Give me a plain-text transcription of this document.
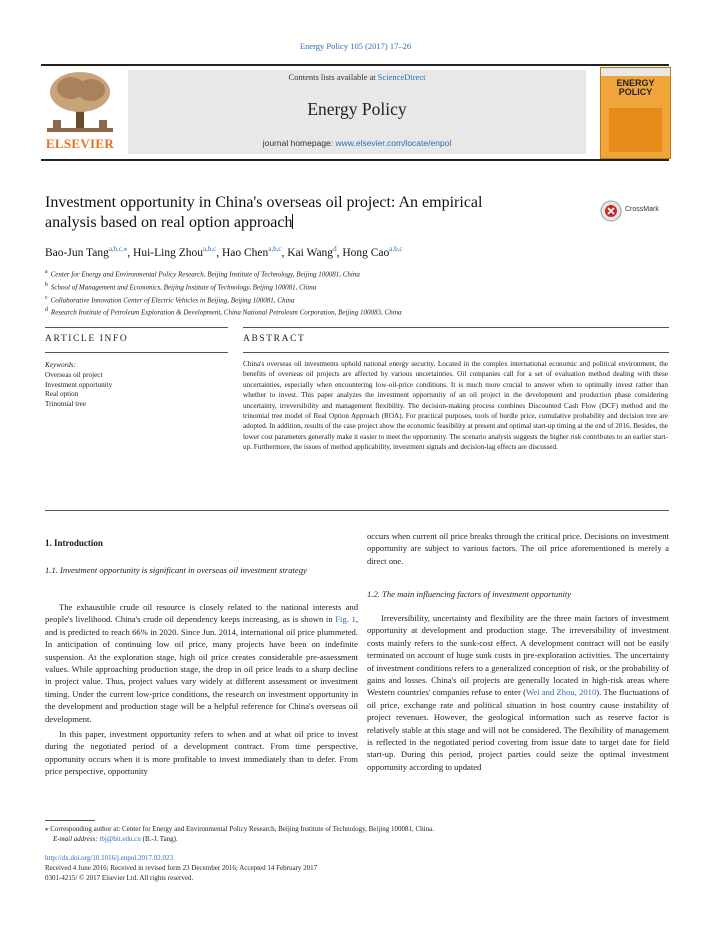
Energy Policy 105 (2017) 17–26
ELSEVIER
Contents lists available at ScienceDirect
Energy Policy
journal homepage: www.elsevier.com/locate/enpol
ENERGY
POLICY
Investment opportunity in China's overseas oil project: An empirical
analysis based on real option approach
CrossMark
Bao-Jun Tang$^{a,b,c,⁎}$, Hui-Ling Zhou$^{a,b,c}$, Hao Chen$^{a,b,c}$, Kai Wang$^d$, Hong Cao$^{a,b,c}$
$^a$ Center for Energy and Environmental Policy Research, Beijing Institute of Technology, Beijing 100081, China
$^b$ School of Management and Economics, Beijing Institute of Technology, Beijing 100081, China
$^c$ Collaborative Innovation Center of Electric Vehicles in Beijing, Beijing 100081, China
$^d$ Research Institute of Petroleum Exploration & Development, China National Petroleum Corporation, Beijing 100083, China
ARTICLE INFO	ABSTRACT
Keywords:
Overseas oil project
Investment opportunity
Real option
Trinomial tree
China's overseas oil investments uphold national energy security. Located in the complex international economic and political environment, the benefits of overseas oil projects are affected by various uncertainties. Oil companies call for a set of evaluation method dealing with these uncertainties, especially when encountering low-oil-price conditions. It is much more crucial to answer when to optimally invest rather than whether to invest. This paper analyzes the investment opportunity of an oil project in the development and production phase considering uncertainty, irreversibility and management flexibility. The decision-making process combines Discounted Cash Flow (DCF) method and the trinomial tree model of Real Option Approach (ROA). For practical purposes, tools of hurdle price, cumulative probability and decision tree are adopted. In addition, results of the case project show the economic feasibility at present and optimal start-up timing at the end of 2016. Besides, the lower cost parameters generally make it easier to meet the opportunity. The scenario analysis suggests the higher risk contributes to an earlier start-up. Furthermore, the issues of method applicability, investment signals and decision-lag effects are discussed.
1. Introduction
1.1. Investment opportunity is significant in overseas oil investment strategy

The exhaustible crude oil resource is closely related to the national interests and people's livelihood. China's crude oil dependency keeps increasing, as is shown in Fig. 1, and is predicted to reach 66% in 2020. Since Jun. 2014, international oil price plummeted. In anticipation of continuing low oil price, many projects have been on indefinite suspension. At the exploration stage, high oil price creates considerable pre-assessment values. While approaching production stage, the drop in oil price leads to a sharp decline in project value. Thus, project values vary widely at different assessment or investment timing. Under the current low-price conditions, the research on investment opportunity in the development and production stage will be a helpful reference for China's overseas oil development.

In this paper, investment opportunity refers to when and at what oil price to invest during the negotiated period of a development contract. From time perspective, opportunity occurs when it is more profitable to invest immediately than to defer. From price perspective, opportunity

occurs when current oil price breaks through the critical price. Decisions on investment opportunity are subject to various factors. The oil price aforementioned is merely a direct one.
1.2. The main influencing factors of investment opportunity

Irreversibility, uncertainty and flexibility are the three main factors of investment opportunity at development and production stage. The irreversibility of investment costs mainly refers to the sunk-cost effect. A development contract will not be easily terminated on account of huge sunk costs in pre-exploration activities. The uncertainty of investment conditions refers to a generalized conception of risk, or the probability of gains and losses. China's oil projects are generally located in high-risk areas where Western countries' companies refuse to enter (Wei and Zhou, 2010). The fluctuations of oil price, exchange rate and political situation in host country cause instability of project revenues. However, the geological information such as reserve factor is relatively stable at this stage and will not be considered. The flexibility of management is reflected in the negotiated period covering from issue date to target date for field start-up. During this period, project parties could seize the optimal investment opportunity according to updated

⁎ Corresponding author at: Center for Energy and Environmental Policy Research, Beijing Institute of Technology, Beijing 100081, China.
E-mail address: tbj@bit.edu.cn (B.-J. Tang).
http://dx.doi.org/10.1016/j.enpol.2017.02.023
Received 4 June 2016; Received in revised form 23 December 2016; Accepted 14 February 2017
0301-4215/ © 2017 Elsevier Ltd. All rights reserved.
